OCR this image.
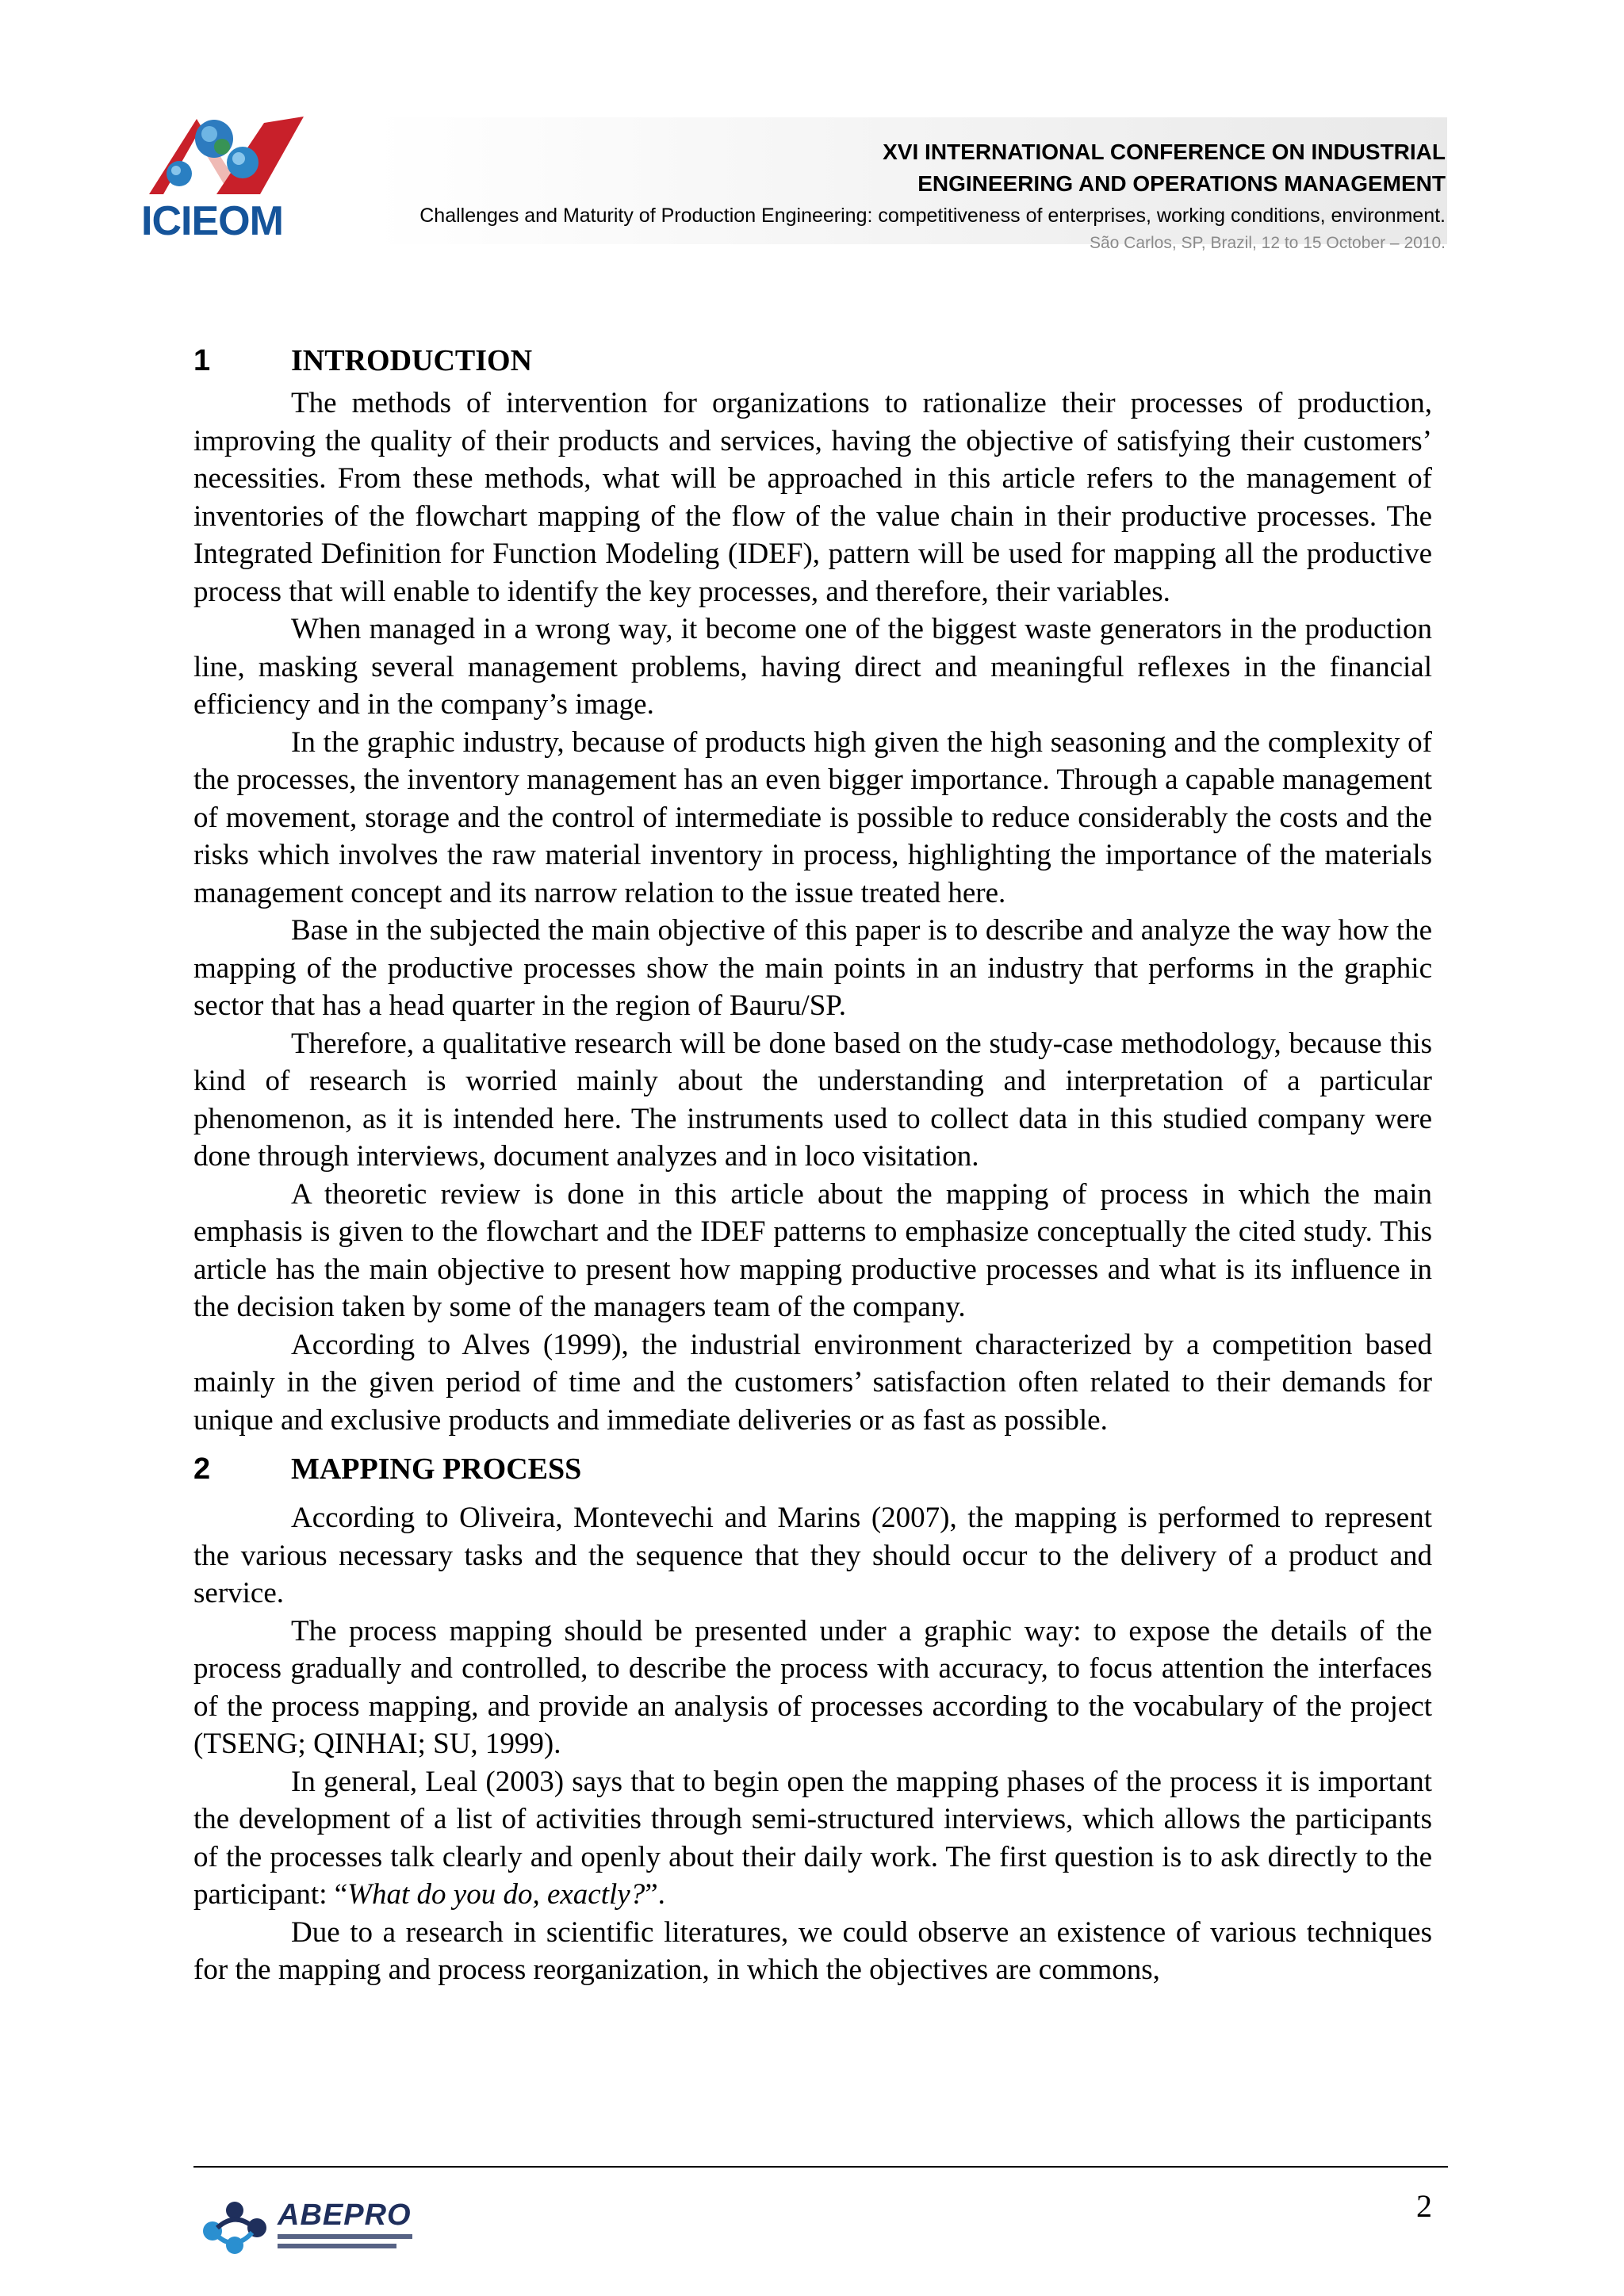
ICIEOM
XVI INTERNATIONAL CONFERENCE ON INDUSTRIAL
ENGINEERING AND OPERATIONS MANAGEMENT
Challenges and Maturity of Production Engineering: competitiveness of enterprises, working conditions, environment.
São Carlos, SP, Brazil, 12 to 15 October – 2010.
1	INTRODUCTION

The methods of intervention for organizations to rationalize their processes of production, improving the quality of their products and services, having the objective of satisfying their customers’ necessities. From these methods, what will be approached in this article refers to the management of inventories of the flowchart mapping of the flow of the value chain in their productive processes. The Integrated Definition for Function Modeling (IDEF), pattern will be used for mapping all the productive process that will enable to identify the key processes, and therefore, their variables.

When managed in a wrong way, it become one of the biggest waste generators in the production line, masking several management problems, having direct and meaningful reflexes in the financial efficiency and in the company’s image.

In the graphic industry, because of products high given the high seasoning and the complexity of the processes, the inventory management has an even bigger importance. Through a capable management of movement, storage and the control of intermediate is possible to reduce considerably the costs and the risks which involves the raw material inventory in process, highlighting the importance of the materials management concept and its narrow relation to the issue treated here.

Base in the subjected the main objective of this paper is to describe and analyze the way how the mapping of the productive processes show the main points in an industry that performs in the graphic sector that has a head quarter in the region of Bauru/SP.

Therefore, a qualitative research will be done based on the study-case methodology, because this kind of research is worried mainly about the understanding and interpretation of a particular phenomenon, as it is intended here. The instruments used to collect data in this studied company were done through interviews, document analyzes and in loco visitation.

A theoretic review is done in this article about the mapping of process in which the main emphasis is given to the flowchart and the IDEF patterns to emphasize conceptually the cited study. This article has the main objective to present how mapping productive processes and what is its influence in the decision taken by some of the managers team of the company.

According to Alves (1999), the industrial environment characterized by a competition based mainly in the given period of time and the customers’ satisfaction often related to their demands for unique and exclusive products and immediate deliveries or as fast as possible.

2	MAPPING PROCESS

According to Oliveira, Montevechi and Marins (2007), the mapping is performed to represent the various necessary tasks and the sequence that they should occur to the delivery of a product and service.

The process mapping should be presented under a graphic way: to expose the details of the process gradually and controlled, to describe the process with accuracy, to focus attention the interfaces of the process mapping, and provide an analysis of processes according to the vocabulary of the project (TSENG; QINHAI; SU, 1999).

In general, Leal (2003) says that to begin open the mapping phases of the process it is important the development of a list of activities through semi-structured interviews, which allows the participants of the processes talk clearly and openly about their daily work. The first question is to ask directly to the participant: “What do you do, exactly?”.

Due to a research in scientific literatures, we could observe an existence of various techniques for the mapping and process reorganization, in which the objectives are commons,

ABEPRO	2
